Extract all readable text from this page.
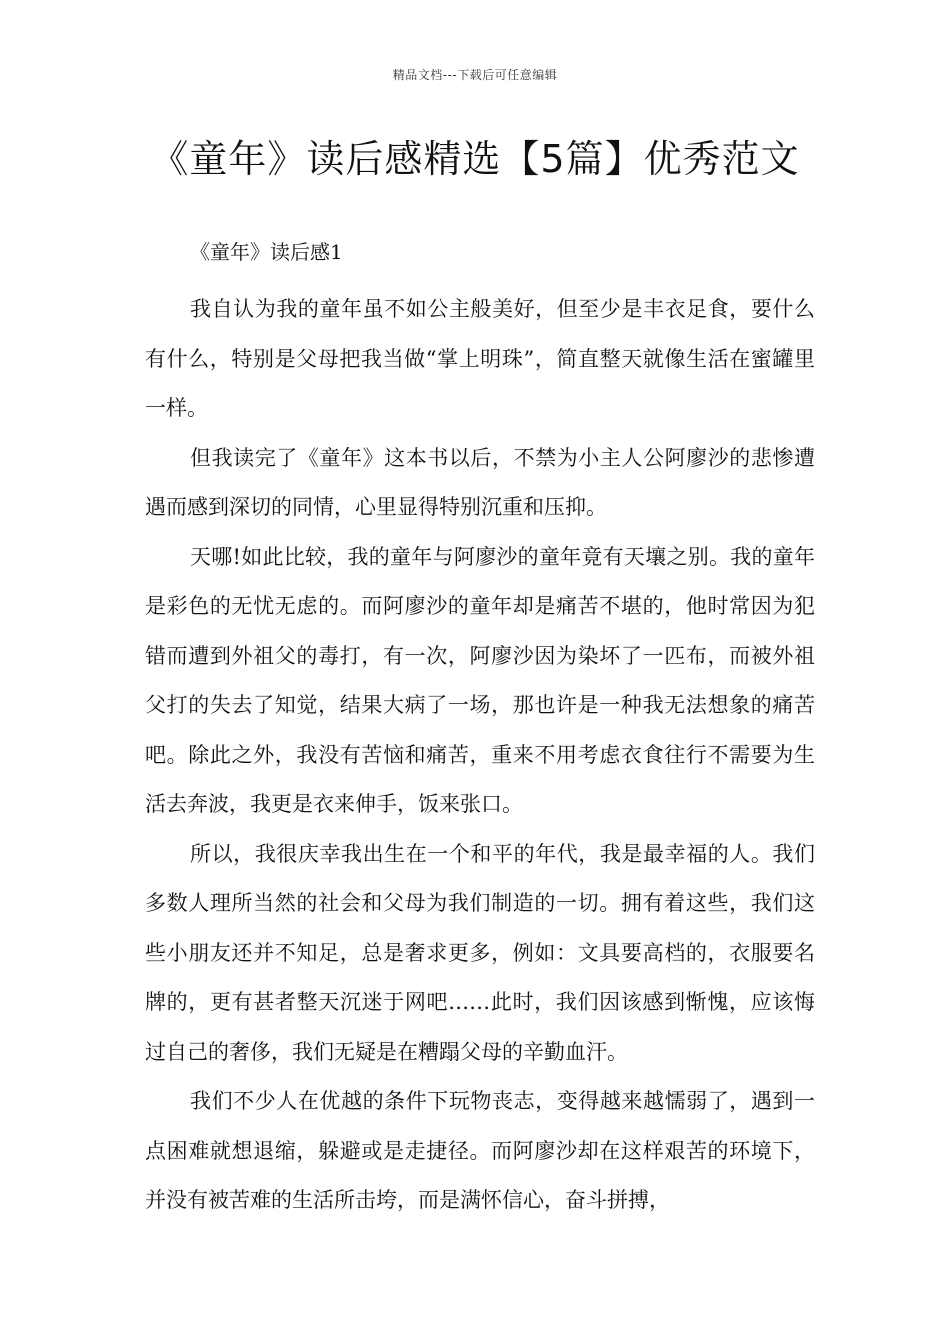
精品文档---下载后可任意编辑
《童年》读后感精选【5篇】优秀范文
《童年》读后感1

我自认为我的童年虽不如公主般美好，但至少是丰衣足食，要什么有什么，特别是父母把我当做“掌上明珠”，简直整天就像生活在蜜罐里一样。

但我读完了《童年》这本书以后，不禁为小主人公阿廖沙的悲惨遭遇而感到深切的同情，心里显得特别沉重和压抑。

天哪!如此比较，我的童年与阿廖沙的童年竟有天壤之别。我的童年是彩色的无忧无虑的。而阿廖沙的童年却是痛苦不堪的，他时常因为犯错而遭到外祖父的毒打，有一次，阿廖沙因为染坏了一匹布，而被外祖父打的失去了知觉，结果大病了一场，那也许是一种我无法想象的痛苦吧。除此之外，我没有苦恼和痛苦，重来不用考虑衣食往行不需要为生活去奔波，我更是衣来伸手，饭来张口。

所以，我很庆幸我出生在一个和平的年代，我是最幸福的人。我们多数人理所当然的社会和父母为我们制造的一切。拥有着这些，我们这些小朋友还并不知足，总是奢求更多，例如：文具要高档的，衣服要名牌的，更有甚者整天沉迷于网吧……此时，我们因该感到惭愧，应该悔过自己的奢侈，我们无疑是在糟蹋父母的辛勤血汗。

我们不少人在优越的条件下玩物丧志，变得越来越懦弱了，遇到一点困难就想退缩，躲避或是走捷径。而阿廖沙却在这样艰苦的环境下，并没有被苦难的生活所击垮，而是满怀信心，奋斗拼搏，
